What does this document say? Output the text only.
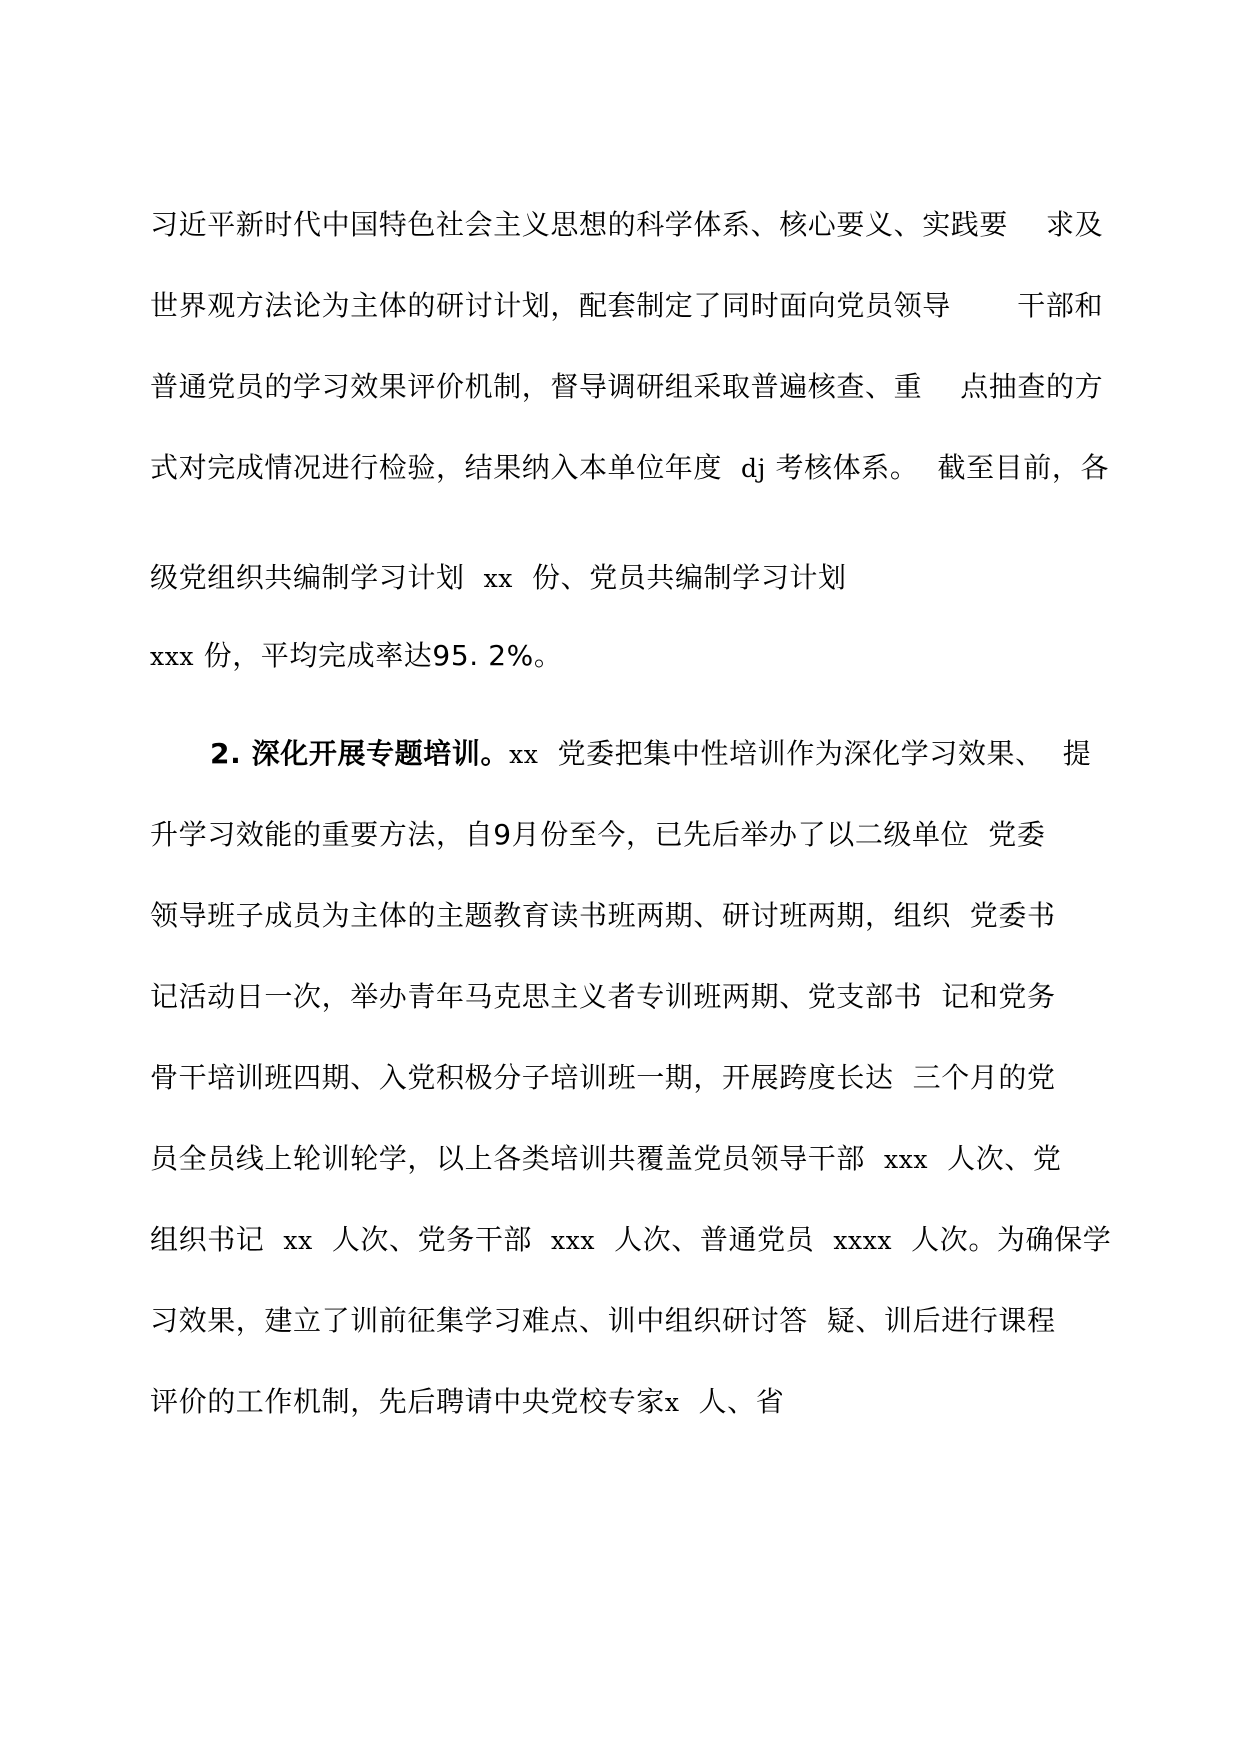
习近平新时代中国特色社会主义思想的科学体系、核心要义、实践要    求及
世界观方法论为主体的研讨计划，配套制定了同时面向党员领导       干部和
普通党员的学习效果评价机制，督导调研组采取普遍核查、重    点抽查的方
式对完成情况进行检验，结果纳入本单位年度  dj 考核体系。  截至目前，各
级党组织共编制学习计划  xx  份、党员共编制学习计划
xxx 份，平均完成率达95. 2%。
2. 深化开展专题培训。xx  党委把集中性培训作为深化学习效果、  提
升学习效能的重要方法，自9月份至今，已先后举办了以二级单位  党委
领导班子成员为主体的主题教育读书班两期、研讨班两期，组织  党委书
记活动日一次，举办青年马克思主义者专训班两期、党支部书  记和党务
骨干培训班四期、入党积极分子培训班一期，开展跨度长达  三个月的党
员全员线上轮训轮学，以上各类培训共覆盖党员领导干部  xxx  人次、党
组织书记  xx  人次、党务干部  xxx  人次、普通党员  xxxx  人次。为确保学
习效果，建立了训前征集学习难点、训中组织研讨答  疑、训后进行课程
评价的工作机制，先后聘请中央党校专家x  人、省
